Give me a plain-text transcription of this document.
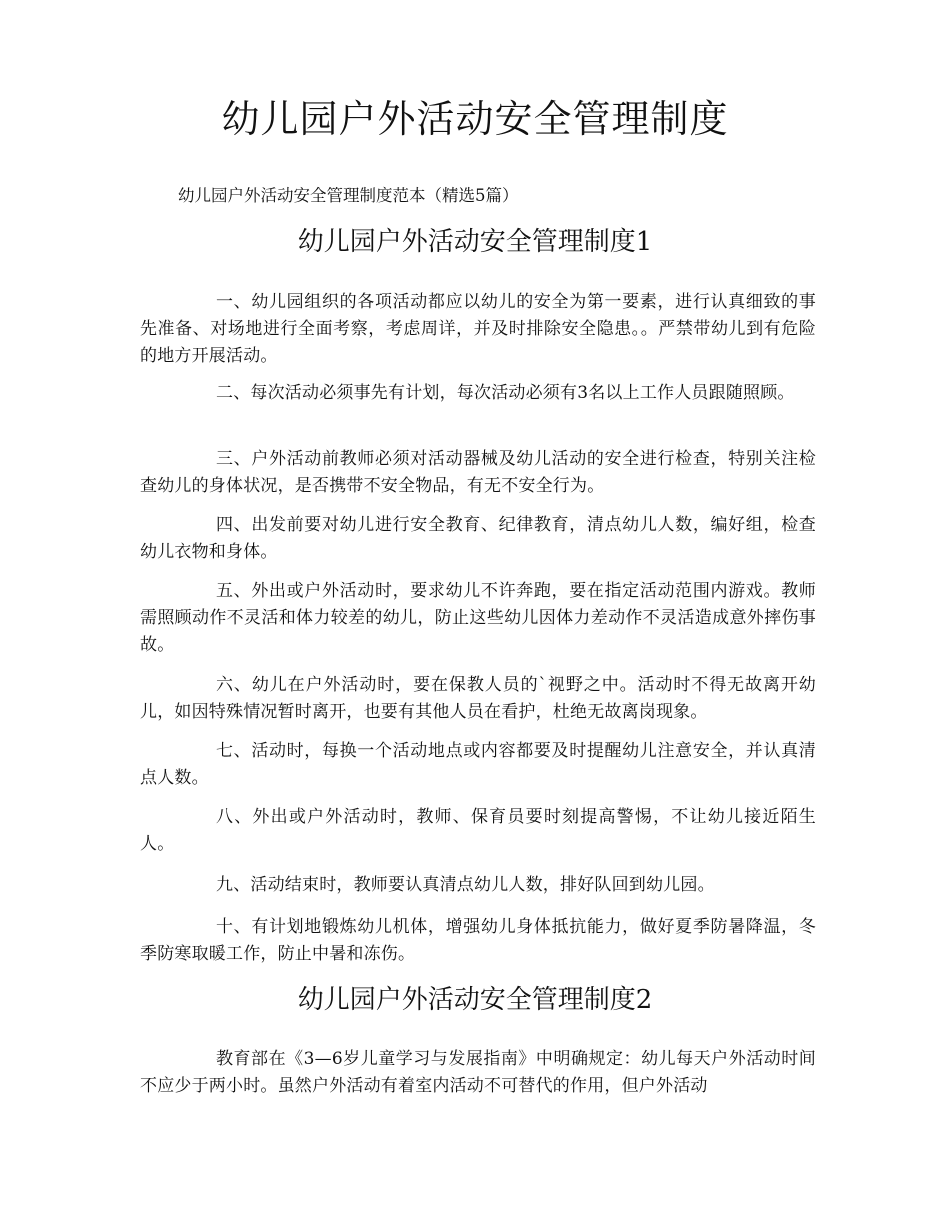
幼儿园户外活动安全管理制度

幼儿园户外活动安全管理制度范本（精选5篇）

幼儿园户外活动安全管理制度1

一、幼儿园组织的各项活动都应以幼儿的安全为第一要素，进行认真细致的事先准备、对场地进行全面考察，考虑周详，并及时排除安全隐患。。严禁带幼儿到有危险的地方开展活动。

二、每次活动必须事先有计划，每次活动必须有3名以上工作人员跟随照顾。

三、户外活动前教师必须对活动器械及幼儿活动的安全进行检查，特别关注检查幼儿的身体状况，是否携带不安全物品，有无不安全行为。

四、出发前要对幼儿进行安全教育、纪律教育，清点幼儿人数，编好组，检查幼儿衣物和身体。

五、外出或户外活动时，要求幼儿不许奔跑，要在指定活动范围内游戏。教师需照顾动作不灵活和体力较差的幼儿，防止这些幼儿因体力差动作不灵活造成意外摔伤事故。

六、幼儿在户外活动时，要在保教人员的`视野之中。活动时不得无故离开幼儿，如因特殊情况暂时离开，也要有其他人员在看护，杜绝无故离岗现象。

七、活动时，每换一个活动地点或内容都要及时提醒幼儿注意安全，并认真清点人数。

八、外出或户外活动时，教师、保育员要时刻提高警惕，不让幼儿接近陌生人。

九、活动结束时，教师要认真清点幼儿人数，排好队回到幼儿园。

十、有计划地锻炼幼儿机体，增强幼儿身体抵抗能力，做好夏季防暑降温，冬季防寒取暖工作，防止中暑和冻伤。

幼儿园户外活动安全管理制度2

教育部在《3—6岁儿童学习与发展指南》中明确规定：幼儿每天户外活动时间不应少于两小时。虽然户外活动有着室内活动不可替代的作用，但户外活动
